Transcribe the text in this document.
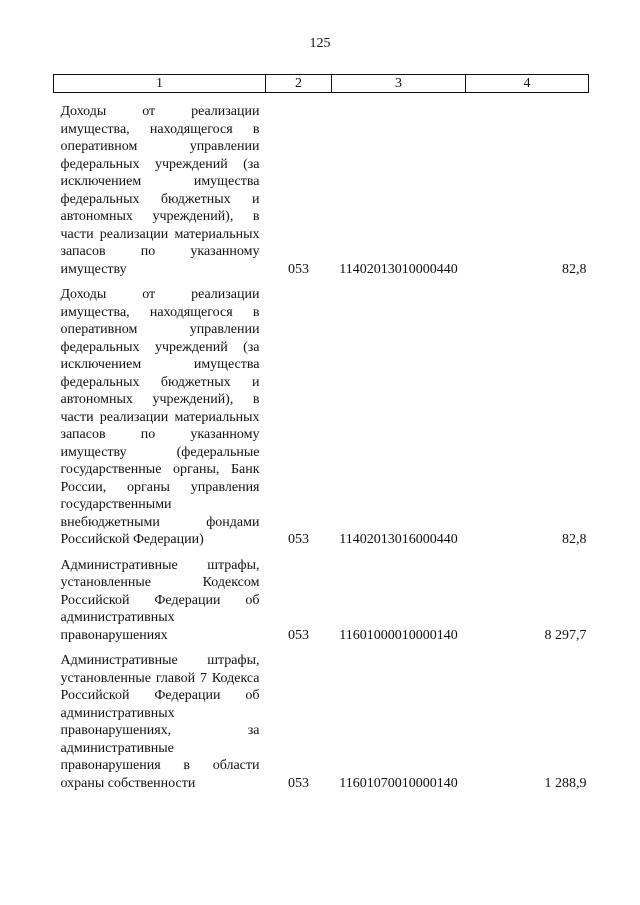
125
1	2	3	4

Доходы от реализации имущества, находящегося в оперативном управлении федеральных учреждений (за исключением имущества федеральных бюджетных и автономных учреждений), в части реализации материальных запасов по указанному имуществу	053	11402013010000440	82,8

Доходы от реализации имущества, находящегося в оперативном управлении федеральных учреждений (за исключением имущества федеральных бюджетных и автономных учреждений), в части реализации материальных запасов по указанному имуществу (федеральные государственные органы, Банк России, органы управления государственными внебюджетными фондами Российской Федерации)	053	11402013016000440	82,8

Административные штрафы, установленные Кодексом Российской Федерации об административных правонарушениях	053	11601000010000140	8 297,7

Административные штрафы, установленные главой 7 Кодекса Российской Федерации об административных правонарушениях, за административные правонарушения в области охраны собственности	053	11601070010000140	1 288,9
